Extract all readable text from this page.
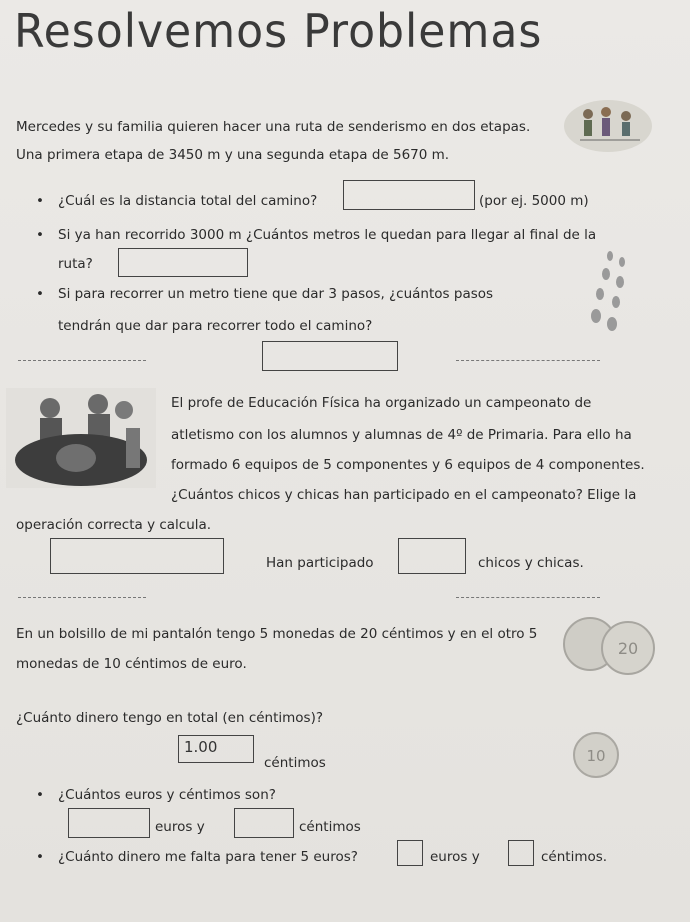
Resolvemos Problemas
Mercedes y su familia quieren hacer una ruta de senderismo en dos etapas.
Una primera etapa de 3450 m y una segunda etapa de 5670 m.
• ¿Cuál es la distancia total del camino?	(por ej. 5000 m)
• Si ya han recorrido 3000 m ¿Cuántos metros le quedan para llegar al final de la
ruta?
• Si para recorrer un metro tiene que dar 3 pasos, ¿cuántos pasos
tendrán que dar para recorrer todo el camino?
El profe de Educación Física ha organizado un campeonato de
atletismo con los alumnos y alumnas de 4º de Primaria. Para ello ha
formado 6 equipos de 5 componentes y 6 equipos de 4 componentes.
¿Cuántos chicos y chicas han participado en el campeonato? Elige la
operación correcta y calcula.
Han participado	chicos y chicas.
En un bolsillo de mi pantalón tengo 5 monedas de 20 céntimos y en el otro 5
monedas de 10 céntimos de euro.
20
¿Cuánto dinero tengo en total (en céntimos)?
1.00
céntimos	10
• ¿Cuántos euros y céntimos son?
euros y	céntimos
• ¿Cuánto dinero me falta para tener 5 euros?	euros y	céntimos.
